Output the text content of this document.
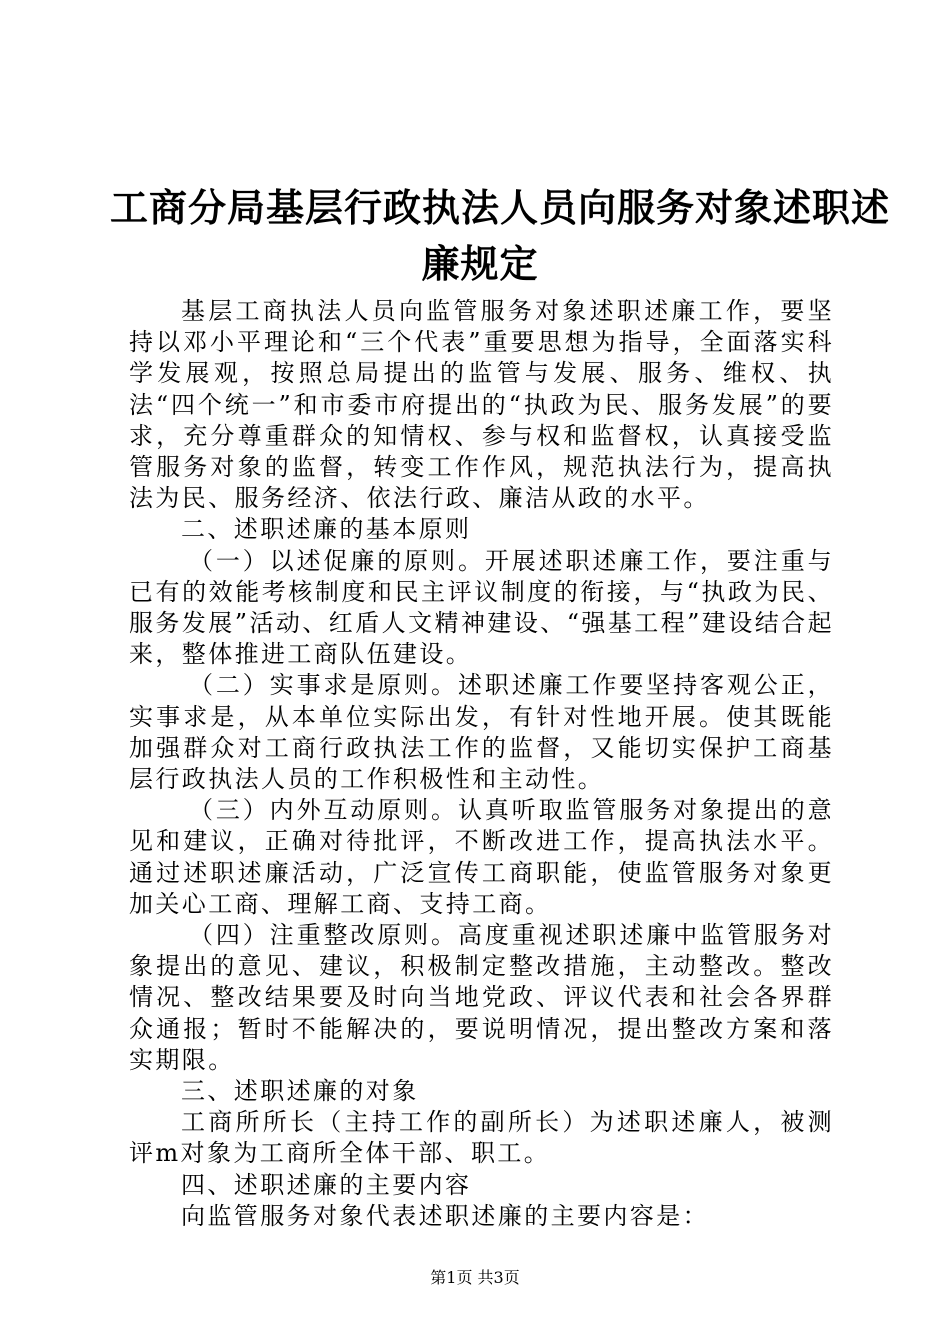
工商分局基层行政执法人员向服务对象述职述
廉规定

基层工商执法人员向监管服务对象述职述廉工作，要坚持以邓小平理论和“三个代表”重要思想为指导，全面落实科学发展观，按照总局提出的监管与发展、服务、维权、执法“四个统一”和市委市府提出的“执政为民、服务发展”的要求，充分尊重群众的知情权、参与权和监督权，认真接受监管服务对象的监督，转变工作作风，规范执法行为，提高执法为民、服务经济、依法行政、廉洁从政的水平。

二、述职述廉的基本原则

（一）以述促廉的原则。开展述职述廉工作，要注重与已有的效能考核制度和民主评议制度的衔接，与“执政为民、服务发展”活动、红盾人文精神建设、“强基工程”建设结合起来，整体推进工商队伍建设。

（二）实事求是原则。述职述廉工作要坚持客观公正，实事求是，从本单位实际出发，有针对性地开展。使其既能加强群众对工商行政执法工作的监督，又能切实保护工商基层行政执法人员的工作积极性和主动性。

（三）内外互动原则。认真听取监管服务对象提出的意见和建议，正确对待批评，不断改进工作，提高执法水平。通过述职述廉活动，广泛宣传工商职能，使监管服务对象更加关心工商、理解工商、支持工商。

（四）注重整改原则。高度重视述职述廉中监管服务对象提出的意见、建议，积极制定整改措施，主动整改。整改情况、整改结果要及时向当地党政、评议代表和社会各界群众通报；暂时不能解决的，要说明情况，提出整改方案和落实期限。

三、述职述廉的对象

工商所所长（主持工作的副所长）为述职述廉人，被测评m对象为工商所全体干部、职工。

四、述职述廉的主要内容

向监管服务对象代表述职述廉的主要内容是：

第1页 共3页
